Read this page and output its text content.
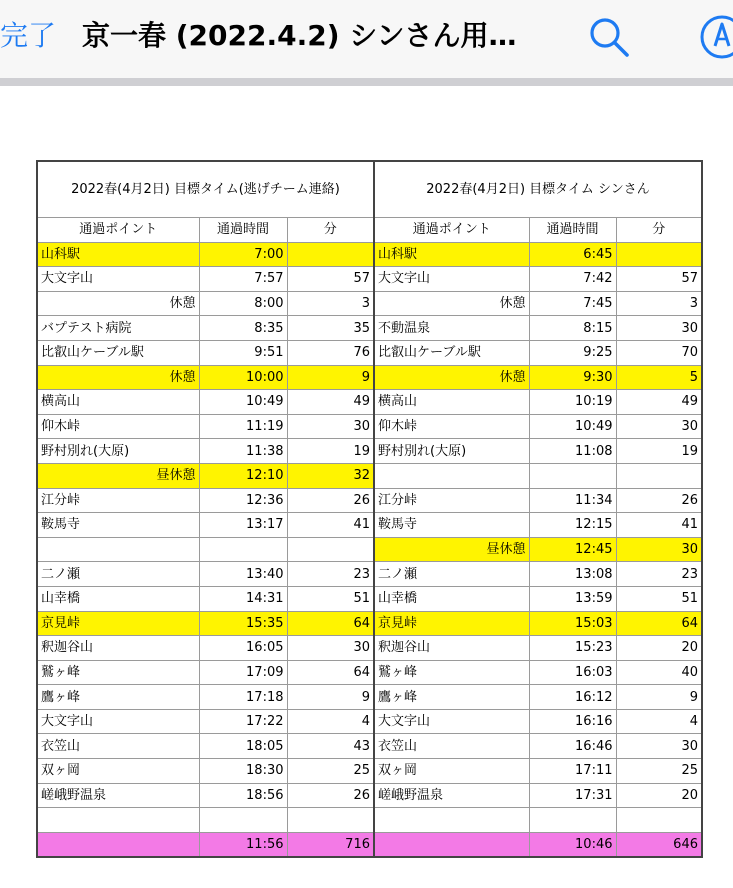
完了 京一春 (2022.4.2) シンさん用…
2022春(4月2日) 目標タイム(逃げチーム連絡)			2022春(4月2日) 目標タイム シンさん		
通過ポイント	通過時間	分	通過ポイント	通過時間	分
山科駅	7:00		山科駅	6:45	
大文字山	7:57	57	大文字山	7:42	57
休憩	8:00	3	休憩	7:45	3
バプテスト病院	8:35	35	不動温泉	8:15	30
比叡山ケーブル駅	9:51	76	比叡山ケーブル駅	9:25	70
休憩	10:00	9	休憩	9:30	5
横高山	10:49	49	横高山	10:19	49
仰木峠	11:19	30	仰木峠	10:49	30
野村別れ(大原)	11:38	19	野村別れ(大原)	11:08	19
昼休憩	12:10	32			
江分峠	12:36	26	江分峠	11:34	26
鞍馬寺	13:17	41	鞍馬寺	12:15	41
			昼休憩	12:45	30
二ノ瀬	13:40	23	二ノ瀬	13:08	23
山幸橋	14:31	51	山幸橋	13:59	51
京見峠	15:35	64	京見峠	15:03	64
釈迦谷山	16:05	30	釈迦谷山	15:23	20
鷲ヶ峰	17:09	64	鷲ヶ峰	16:03	40
鷹ヶ峰	17:18	9	鷹ヶ峰	16:12	9
大文字山	17:22	4	大文字山	16:16	4
衣笠山	18:05	43	衣笠山	16:46	30
双ヶ岡	18:30	25	双ヶ岡	17:11	25
嵯峨野温泉	18:56	26	嵯峨野温泉	17:31	20

	11:56	716		10:46	646
